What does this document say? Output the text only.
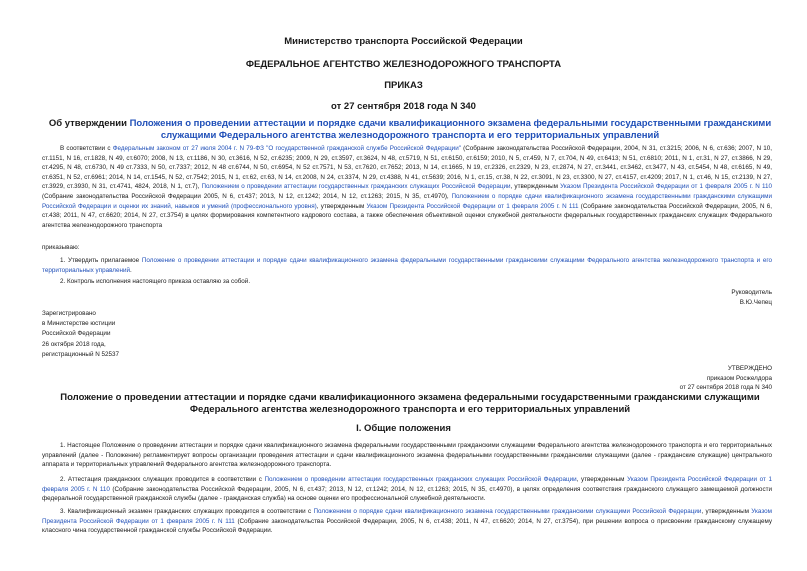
Министерство транспорта Российской Федерации
ФЕДЕРАЛЬНОЕ АГЕНТСТВО ЖЕЛЕЗНОДОРОЖНОГО ТРАНСПОРТА
ПРИКАЗ
от 27 сентября 2018 года N 340
Об утверждении Положения о проведении аттестации и порядке сдачи квалификационного экзамена федеральными государственными гражданскими служащими Федерального агентства железнодорожного транспорта и его территориальных управлений
В соответствии с Федеральным законом от 27 июля 2004 г. N 79-ФЗ "О государственной гражданской службе Российской Федерации" (Собрание законодательства Российской Федерации, 2004, N 31, ст.3215; 2006, N 6, ст.636; 2007, N 10, ст.1151, N 16, ст.1828, N 49, ст.6070; 2008, N 13, ст.1186, N 30, ст.3616, N 52, ст.6235; 2009, N 29, ст.3597, ст.3624, N 48, ст.5719, N 51, ст.6150, ст.6159; 2010, N 5, ст.459, N 7, ст.704, N 49, ст.6413; N 51, ст.6810; 2011, N 1, ст.31, N 27, ст.3866, N 29, ст.4295, N 48, ст.6730, N 49 ст.7333, N 50, ст.7337; 2012, N 48 ст.6744, N 50, ст.6954, N 52 ст.7571, N 53, ст.7620, ст.7652; 2013, N 14, ст.1665, N 19, ст.2326, ст.2329, N 23, ст.2874, N 27, ст.3441, ст.3462, ст.3477, N 43, ст.5454, N 48, ст.6165, N 49, ст.6351, N 52, ст.6961; 2014, N 14, ст.1545, N 52, ст.7542; 2015, N 1, ст.62, ст.63, N 14, ст.2008, N 24, ст.3374, N 29, ст.4388, N 41, ст.5639; 2016, N 1, ст.15, ст.38, N 22, ст.3091, N 23, ст.3300, N 27, ст.4157, ст.4209; 2017, N 1, ст.46, N 15, ст.2139, N 27, ст.3929, ст.3930, N 31, ст.4741, 4824, 2018, N 1, ст.7), Положением о проведении аттестации государственных гражданских служащих Российской Федерации, утвержденным Указом Президента Российской Федерации от 1 февраля 2005 г. N 110 (Собрание законодательства Российской Федерации 2005, N 6, ст.437; 2013, N 12, ст.1242; 2014, N 12, ст.1263; 2015, N 35, ст.4970), Положением о порядке сдачи квалификационного экзамена государственными гражданскими служащими Российской Федерации и оценки их знаний, навыков и умений (профессионального уровня), утвержденным Указом Президента Российской Федерации от 1 февраля 2005 г. N 111 (Собрание законодательства Российской Федерации, 2005, N 6, ст.438; 2011, N 47, ст.6620; 2014, N 27, ст.3754) в целях формирования компетентного кадрового состава, а также обеспечения объективной оценки служебной деятельности федеральных государственных гражданских служащих Федерального агентства железнодорожного транспорта
приказываю:
1. Утвердить прилагаемое Положение о проведении аттестации и порядке сдачи квалификационного экзамена федеральными государственными гражданскими служащими Федерального агентства железнодорожного транспорта и его территориальных управлений.
2. Контроль исполнения настоящего приказа оставляю за собой.
Руководитель
В.Ю.Чепец
Зарегистрировано
в Министерстве юстиции
Российской Федерации
26 октября 2018 года,
регистрационный N 52537
УТВЕРЖДЕНО
приказом Росжелдора
от 27 сентября 2018 года N 340
Положение о проведении аттестации и порядке сдачи квалификационного экзамена федеральными государственными гражданскими служащими Федерального агентства железнодорожного транспорта и его территориальных управлений
I. Общие положения
1. Настоящее Положение о проведении аттестации и порядке сдачи квалификационного экзамена федеральными государственными гражданскими служащими Федерального агентства железнодорожного транспорта и его территориальных управлений (далее - Положение) регламентирует вопросы организации проведения аттестации и сдачи квалификационного экзамена федеральными государственными гражданскими служащими (далее - гражданские служащие) центрального аппарата и территориальных управлений Федерального агентства железнодорожного транспорта.
2. Аттестация гражданских служащих проводится в соответствии с Положением о проведении аттестации государственных гражданских служащих Российской Федерации, утвержденным Указом Президента Российской Федерации от 1 февраля 2005 г. N 110 (Собрание законодательства Российской Федерации, 2005, N 6, ст.437; 2013, N 12, ст.1242; 2014, N 12, ст.1263; 2015, N 35, ст.4970), в целях определения соответствия гражданского служащего замещаемой должности федеральной государственной гражданской службы (далее - гражданская служба) на основе оценки его профессиональной служебной деятельности.
3. Квалификационный экзамен гражданских служащих проводится в соответствии с Положением о порядке сдачи квалификационного экзамена государственными гражданскими служащими Российской Федерации, утвержденным Указом Президента Российской Федерации от 1 февраля 2005 г. N 111 (Собрание законодательства Российской Федерации, 2005, N 6, ст.438; 2011, N 47, ст.6620; 2014, N 27, ст.3754), при решении вопроса о присвоении гражданскому служащему классного чина государственной гражданской службы Российской Федерации.
